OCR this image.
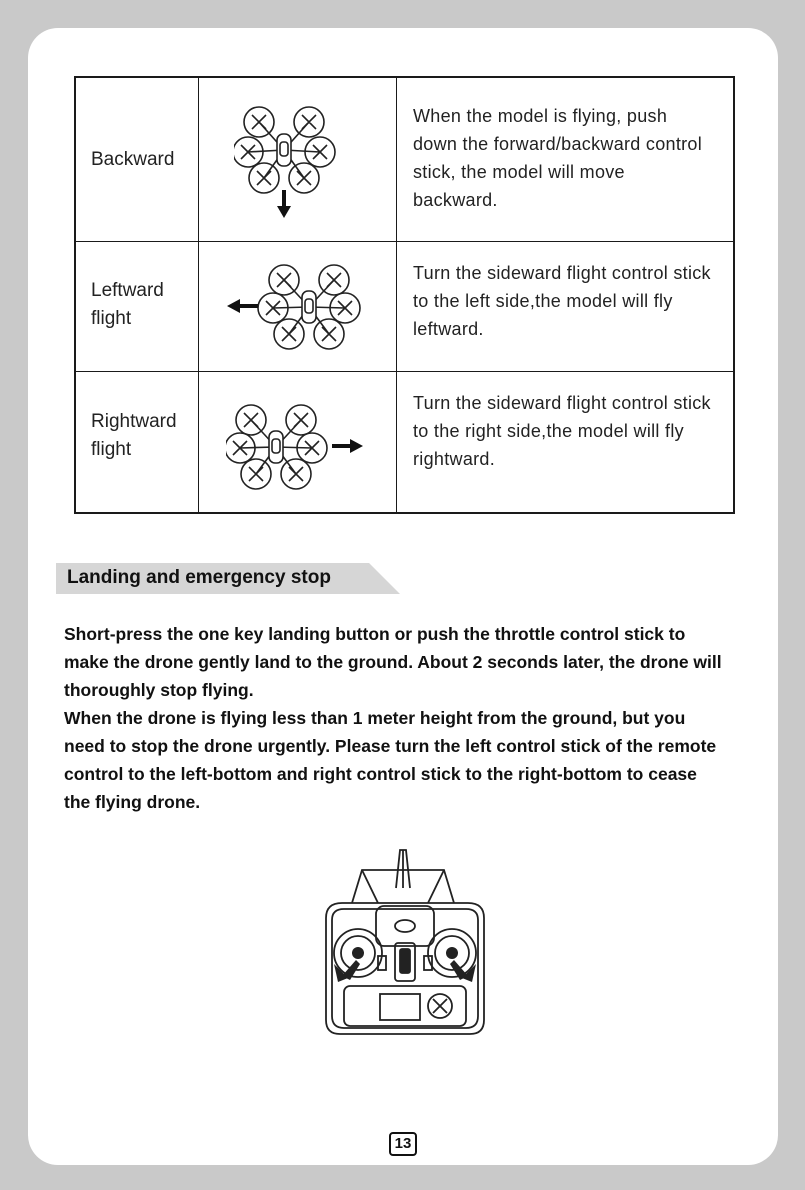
Backward
When the model is flying, push down the forward/backward control stick, the model will move backward.
Leftward flight
Turn the sideward flight control stick to the left side,the model will fly leftward.
Rightward flight
Turn the sideward flight control stick to the right side,the model will fly rightward.
Landing and emergency stop

Short-press the one key landing button or push the throttle control stick to make the drone gently land to the ground. About 2 seconds later, the drone will thoroughly stop flying.

When the drone is flying less than 1 meter height from the ground, but you need to stop the drone urgently. Please turn the left control stick of the remote control to the left-bottom and right control stick to the right-bottom to cease the flying drone.

13
